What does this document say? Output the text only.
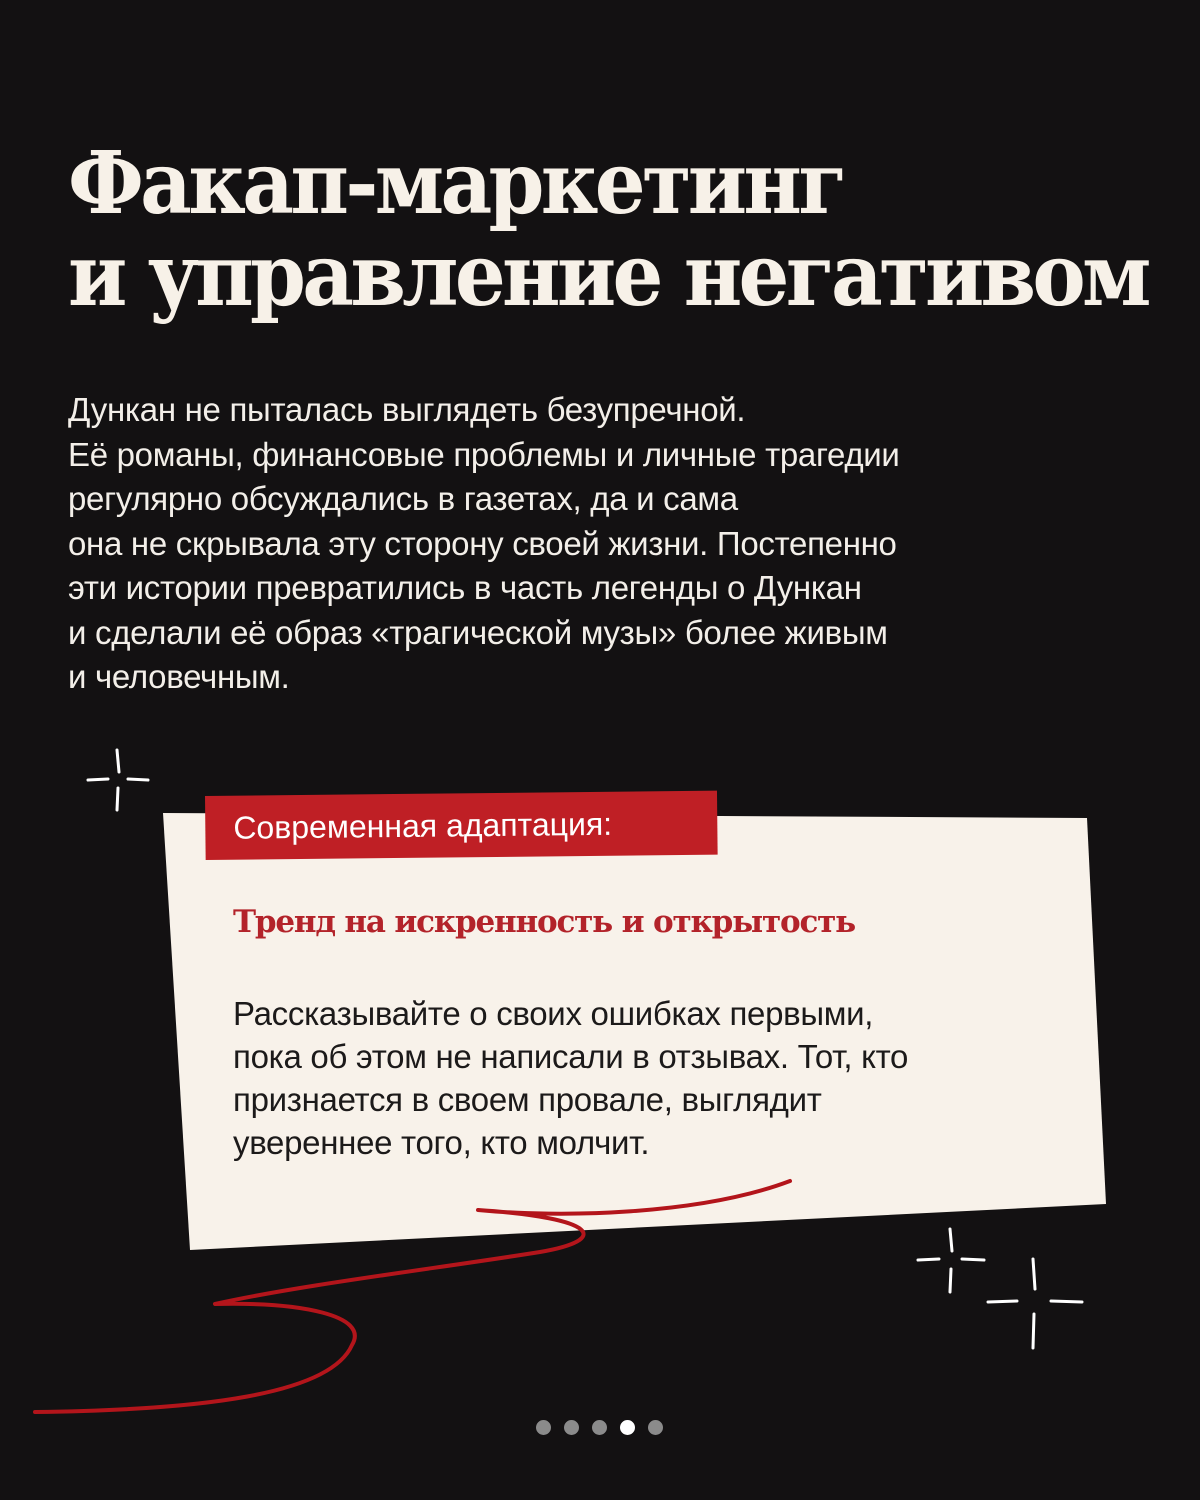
Факап-маркетинг
и управление негативом

Дункан не пыталась выглядеть безупречной.
Её романы, финансовые проблемы и личные трагедии
регулярно обсуждались в газетах, да и сама
она не скрывала эту сторону своей жизни. Постепенно
эти истории превратились в часть легенды о Дункан
и сделали её образ «трагической музы» более живым
и человечным.

Современная адаптация:
Тренд на искренность и открытость

Рассказывайте о своих ошибках первыми,
пока об этом не написали в отзывах. Тот, кто
признается в своем провале, выглядит
увереннее того, кто молчит.
